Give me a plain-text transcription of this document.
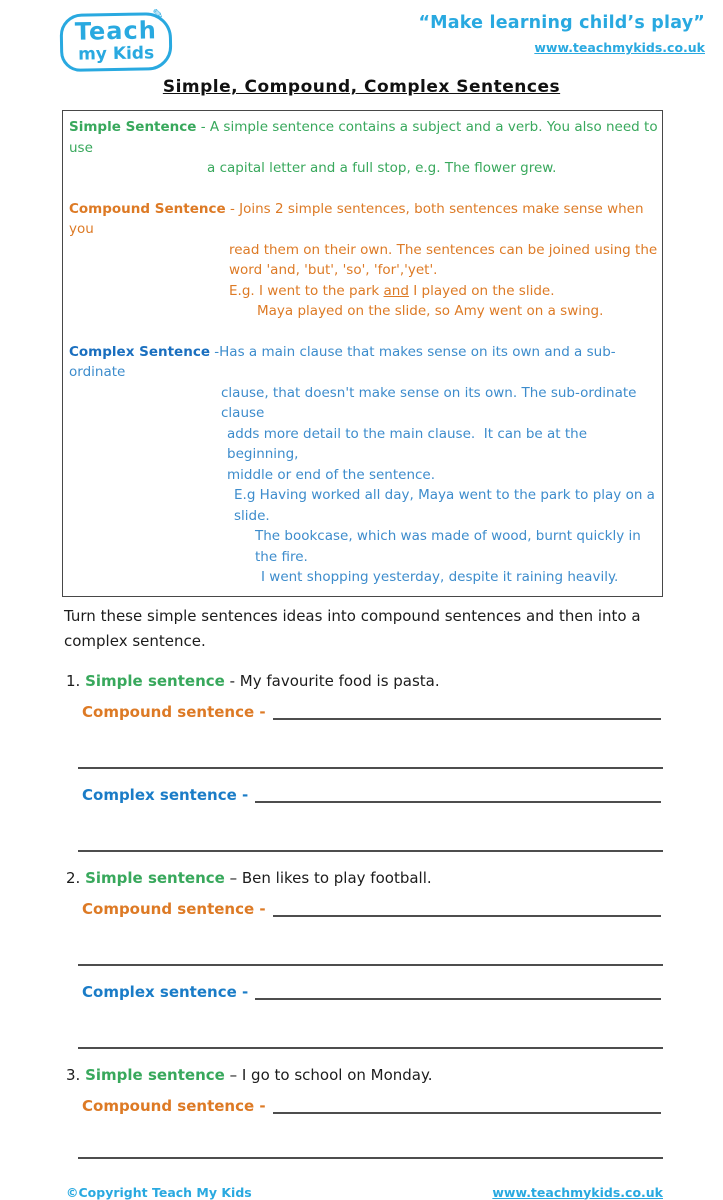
Teach✎
my Kids
“Make learning child’s play”
www.teachmykids.co.uk
Simple, Compound, Complex Sentences
Simple Sentence - A simple sentence contains a subject and a verb. You also need to use
a capital letter and a full stop, e.g. The flower grew.
Compound Sentence - Joins 2 simple sentences, both sentences make sense when you
read them on their own. The sentences can be joined using the
word 'and, 'but', 'so', 'for','yet'.
E.g. I went to the park and I played on the slide.
Maya played on the slide, so Amy went on a swing.
Complex Sentence -Has a main clause that makes sense on its own and a sub-ordinate
clause, that doesn't make sense on its own. The sub-ordinate clause
adds more detail to the main clause.  It can be at the beginning,
middle or end of the sentence.
E.g Having worked all day, Maya went to the park to play on a slide.
The bookcase, which was made of wood, burnt quickly in the fire.
I went shopping yesterday, despite it raining heavily.
Turn these simple sentences ideas into compound sentences and then into a complex sentence.
1. Simple sentence - My favourite food is pasta.
Compound sentence -
Complex sentence -
2. Simple sentence – Ben likes to play football.
Compound sentence -
Complex sentence -
3. Simple sentence – I go to school on Monday.
Compound sentence -
©Copyright Teach My Kids	www.teachmykids.co.uk
